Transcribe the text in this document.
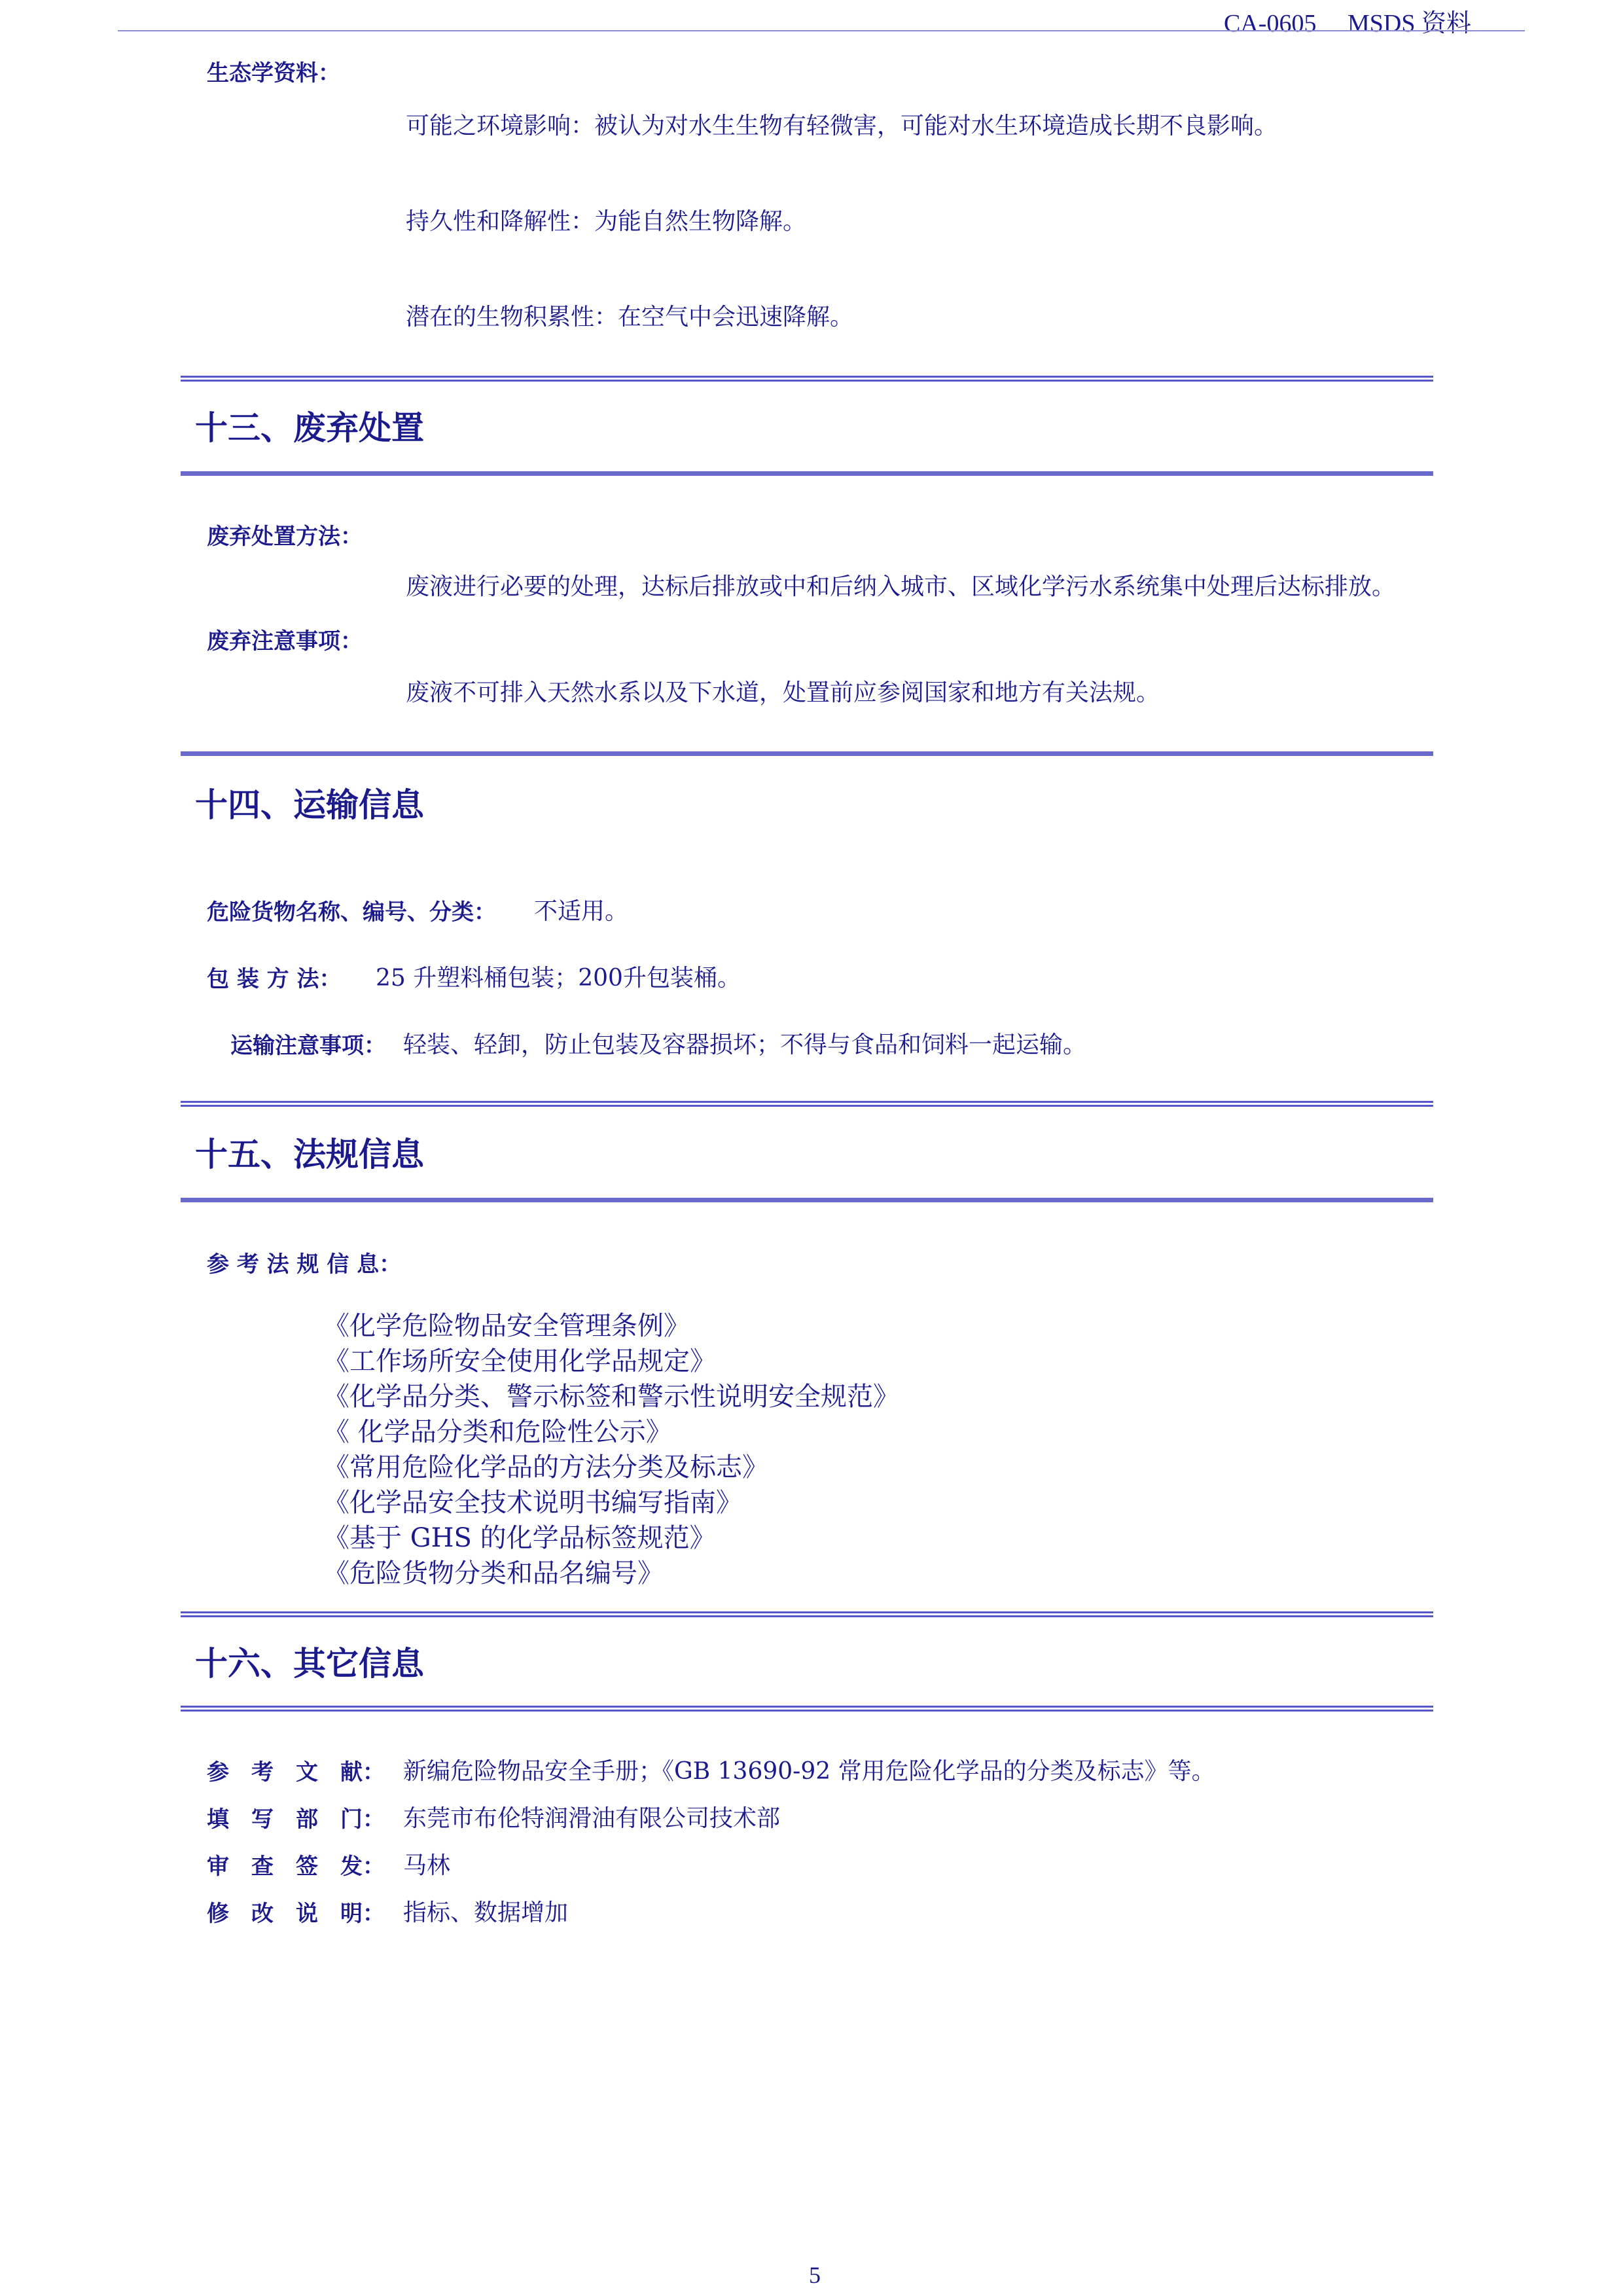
CA-0605 MSDS 资料
生态学资料：
可能之环境影响：被认为对水生生物有轻微害，可能对水生环境造成长期不良影响。
持久性和降解性：为能自然生物降解。
潜在的生物积累性：在空气中会迅速降解。
十三、废弃处置
废弃处置方法：
废液进行必要的处理，达标后排放或中和后纳入城市、区域化学污水系统集中处理后达标排放。
废弃注意事项：
废液不可排入天然水系以及下水道，处置前应参阅国家和地方有关法规。
十四、运输信息
危险货物名称、编号、分类： 不适用。
包 装 方 法： 25 升塑料桶包装；200升包装桶。
运输注意事项： 轻装、轻卸，防止包装及容器损坏；不得与食品和饲料一起运输。
十五、法规信息
参 考 法 规 信 息：
《化学危险物品安全管理条例》
《工作场所安全使用化学品规定》
《化学品分类、警示标签和警示性说明安全规范》
《 化学品分类和危险性公示》
《常用危险化学品的方法分类及标志》
《化学品安全技术说明书编写指南》
《基于 GHS 的化学品标签规范》
《危险货物分类和品名编号》
十六、其它信息
参　考　文　献： 新编危险物品安全手册；《GB 13690-92 常用危险化学品的分类及标志》等。
填　写　部　门： 东莞市布伦特润滑油有限公司技术部
审　查　签　发： 马林
修　改　说　明： 指标、数据增加
5
